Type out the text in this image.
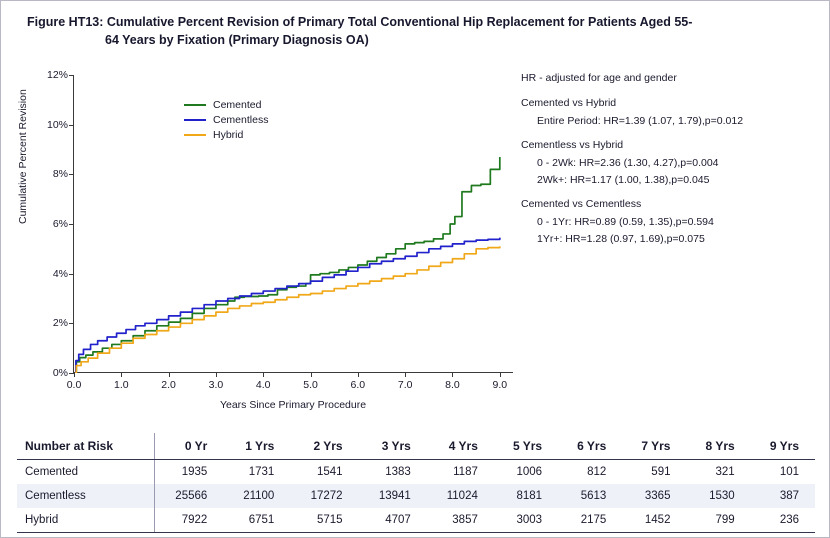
Figure HT13: Cumulative Percent Revision of Primary Total Conventional Hip Replacement for Patients Aged 55-
64 Years by Fixation (Primary Diagnosis OA)
Cumulative Percent Revision
0%
2%
4%
6%
8%
10%
12%
0.0	1.0	2.0	3.0	4.0	5.0	6.0	7.0	8.0	9.0
Cemented
Cementless
Hybrid
Years Since Primary Procedure
HR - adjusted for age and gender
Cemented vs Hybrid
Entire Period: HR=1.39 (1.07, 1.79),p=0.012
Cementless vs Hybrid
0 - 2Wk: HR=2.36 (1.30, 4.27),p=0.004
2Wk+: HR=1.17 (1.00, 1.38),p=0.045
Cemented vs Cementless
0 - 1Yr: HR=0.89 (0.59, 1.35),p=0.594
1Yr+: HR=1.28 (0.97, 1.69),p=0.075
Number at Risk	0 Yr	1 Yrs	2 Yrs	3 Yrs	4 Yrs	5 Yrs	6 Yrs	7 Yrs	8 Yrs	9 Yrs
Cemented	1935	1731	1541	1383	1187	1006	812	591	321	101
Cementless	25566	21100	17272	13941	11024	8181	5613	3365	1530	387
Hybrid	7922	6751	5715	4707	3857	3003	2175	1452	799	236
